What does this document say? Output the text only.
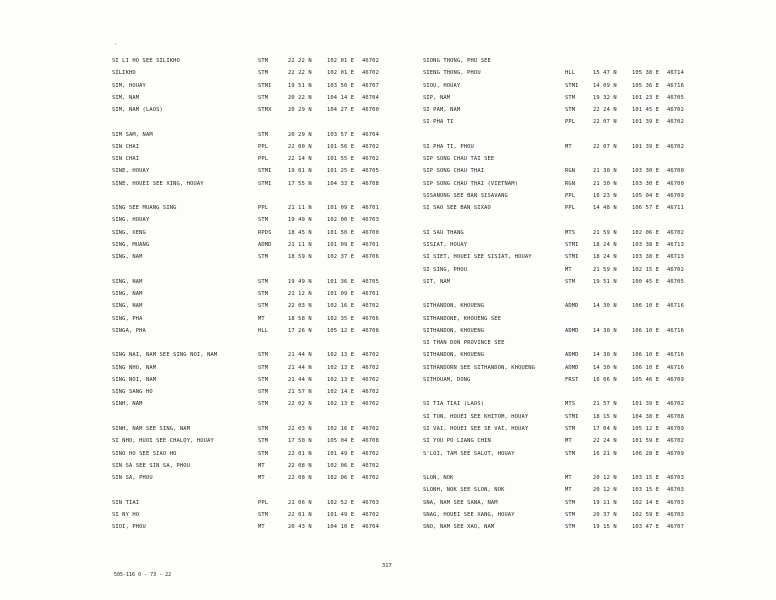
SI LI HO SEE SILIKHO	STM	22 22 N	102 01 E 46702
SILIKHO	STM	22 22 N	102 01 E 46702
SIM, HOUAY	STMI	19 51 N	103 50 E 46707
SIM, NAM	STM	20 22 N	104 14 E 46704
SIM, NAM (LAOS)	STMX	20 29 N	104 27 E 46700
SIM SAM, NAM	STM	20 29 N	103 57 E 46704
SIN CHAI	PPL	22 00 N	101 56 E 46702
SIN CHAI	PPL	22 14 N	101 55 E 46702
SINE, HOUAY	STMI	19 01 N	101 25 E 46705
SINE, HOUEI SEE XING, HOUAY	STMI	17 55 N	104 33 E 46708
SING SEE MUANG SING	PPL	21 11 N	101 09 E 46701
SING, HOUAY	STM	19 49 N	102 00 E 46703
SING, XENG	RPDS	18 45 N	101 50 E 46700
SING, MUANG	ADMD	21 11 N	101 09 E 46701
SING, NAM	STM	18 59 N	102 37 E 46706
SING, NAM	STM	19 49 N	101 36 E 46705
SING, NAM	STM	21 12 N	101 09 E 46701
SING, NAM	STM	22 03 N	102 16 E 46702
SING, PHA	MT	18 58 N	102 35 E 46706
SINGA, PHA	HLL	17 26 N	105 12 E 46708
SING NAI, NAM SEE SING NOI, NAM	STM	21 44 N	102 13 E 46702
SING NHO, NAM	STM	21 44 N	102 13 E 46702
SING NOI, NAM	STM	21 44 N	102 13 E 46702
SING SANG HO	STM	21 57 N	102 14 E 46702
SINH, NAM	STM	22 02 N	102 13 E 46702
SINH, NAM SEE SING, NAM	STM	22 03 N	102 16 E 46702
SI NHO, HUOI SEE CHALOY, HOUAY	STM	17 50 N	105 04 E 46708
SINO HO SEE SIAO HO	STM	22 01 N	101 49 E 46702
SIN SA SEE SIN SA, PHOU	MT	22 08 N	102 06 E 46702
SIN SA, PHOU	MT	22 08 N	102 06 E 46702
SIN TIAI	PPL	21 06 N	102 52 E 46703
SI NY HO	STM	22 01 N	101 49 E 46702
SIOI, PHOU	MT	20 43 N	104 10 E 46704
SIONG THONG, PHU SEE
SIENG THONG, PHOU	HLL	15 47 N	105 38 E 46714
SIOU, HOUAY	STMI	14 09 N	105 36 E 46716
SIP, NAM	STM	19 32 N	101 23 E 46705
SI PAM, NAM	STM	22 24 N	101 45 E 46702
SI PHA TI	PPL	22 07 N	101 39 E 46702
SI PHA TI, PHOU	MT	22 07 N	101 39 E 46702
SIP SONG CHAU TAI SEE
SIP SONG CHAU THAI	RGN	21 30 N	103 30 E 46700
SIP SONG CHAU THAI (VIETNAM)	RGN	21 30 N	103 30 E 46700
SISANONG SEE BAN SISAVANG	PPL	16 23 N	105 04 E 46709
SI SAO SEE BAN SIXAO	PPL	14 48 N	106 57 E 46711
SI SAU THANG	MTS	21 59 N	102 06 E 46702
SISIAT, HOUAY	STMI	18 24 N	103 38 E 46713
SI SIET, HOUEI SEE SISIAT, HOUAY	STMI	18 24 N	103 38 E 46713
SI SING, PHOU	MT	21 59 N	102 15 E 46702
SIT, NAM	STM	19 51 N	100 45 E 46705
SITHANDON, KHOUENG	ADMD	14 30 N	106 10 E 46716
SITHANDONE, KHOUENG SEE
SITHANDON, KHOUENG	ADMD	14 30 N	106 10 E 46716
SI THAN DON PROVINCE SEE
SITHANDON, KHOUENG	ADMD	14 30 N	106 10 E 46716
SITHANDORN SEE SITHANDON, KHOUENG	ADMD	14 30 N	106 10 E 46716
SITHOUAM, DONG	FRST	16 06 N	105 46 E 46709
SI TIA TIAI (LAOS)	MTS	21 57 N	101 39 E 46702
SI TUN, HOUEI SEE KHITOM, HOUAY	STMI	18 15 N	104 38 E 46708
SI VAI, HOUEI SEE SE VAI, HOUAY	STM	17 04 N	105 12 E 46709
SI YOU PO LIANG CHIN	MT	22 24 N	101 59 E 46702
S'LOI, TAM SEE SALOT, HOUAY	STM	16 21 N	106 28 E 46709
SLON, NOK	MT	20 12 N	103 15 E 46703
SLONH, NOK SEE SLON, NOK	MT	20 12 N	103 15 E 46703
SNA, NAM SEE SANA, NAM	STM	19 11 N	102 14 E 46703
SNAG, HOUEI SEE XANG, HOUAY	STM	20 37 N	102 59 E 46703
SNO, NAM SEE XAO, NAM	STM	19 15 N	103 47 E 46707
·
317
505-116 O - 73 - 22
